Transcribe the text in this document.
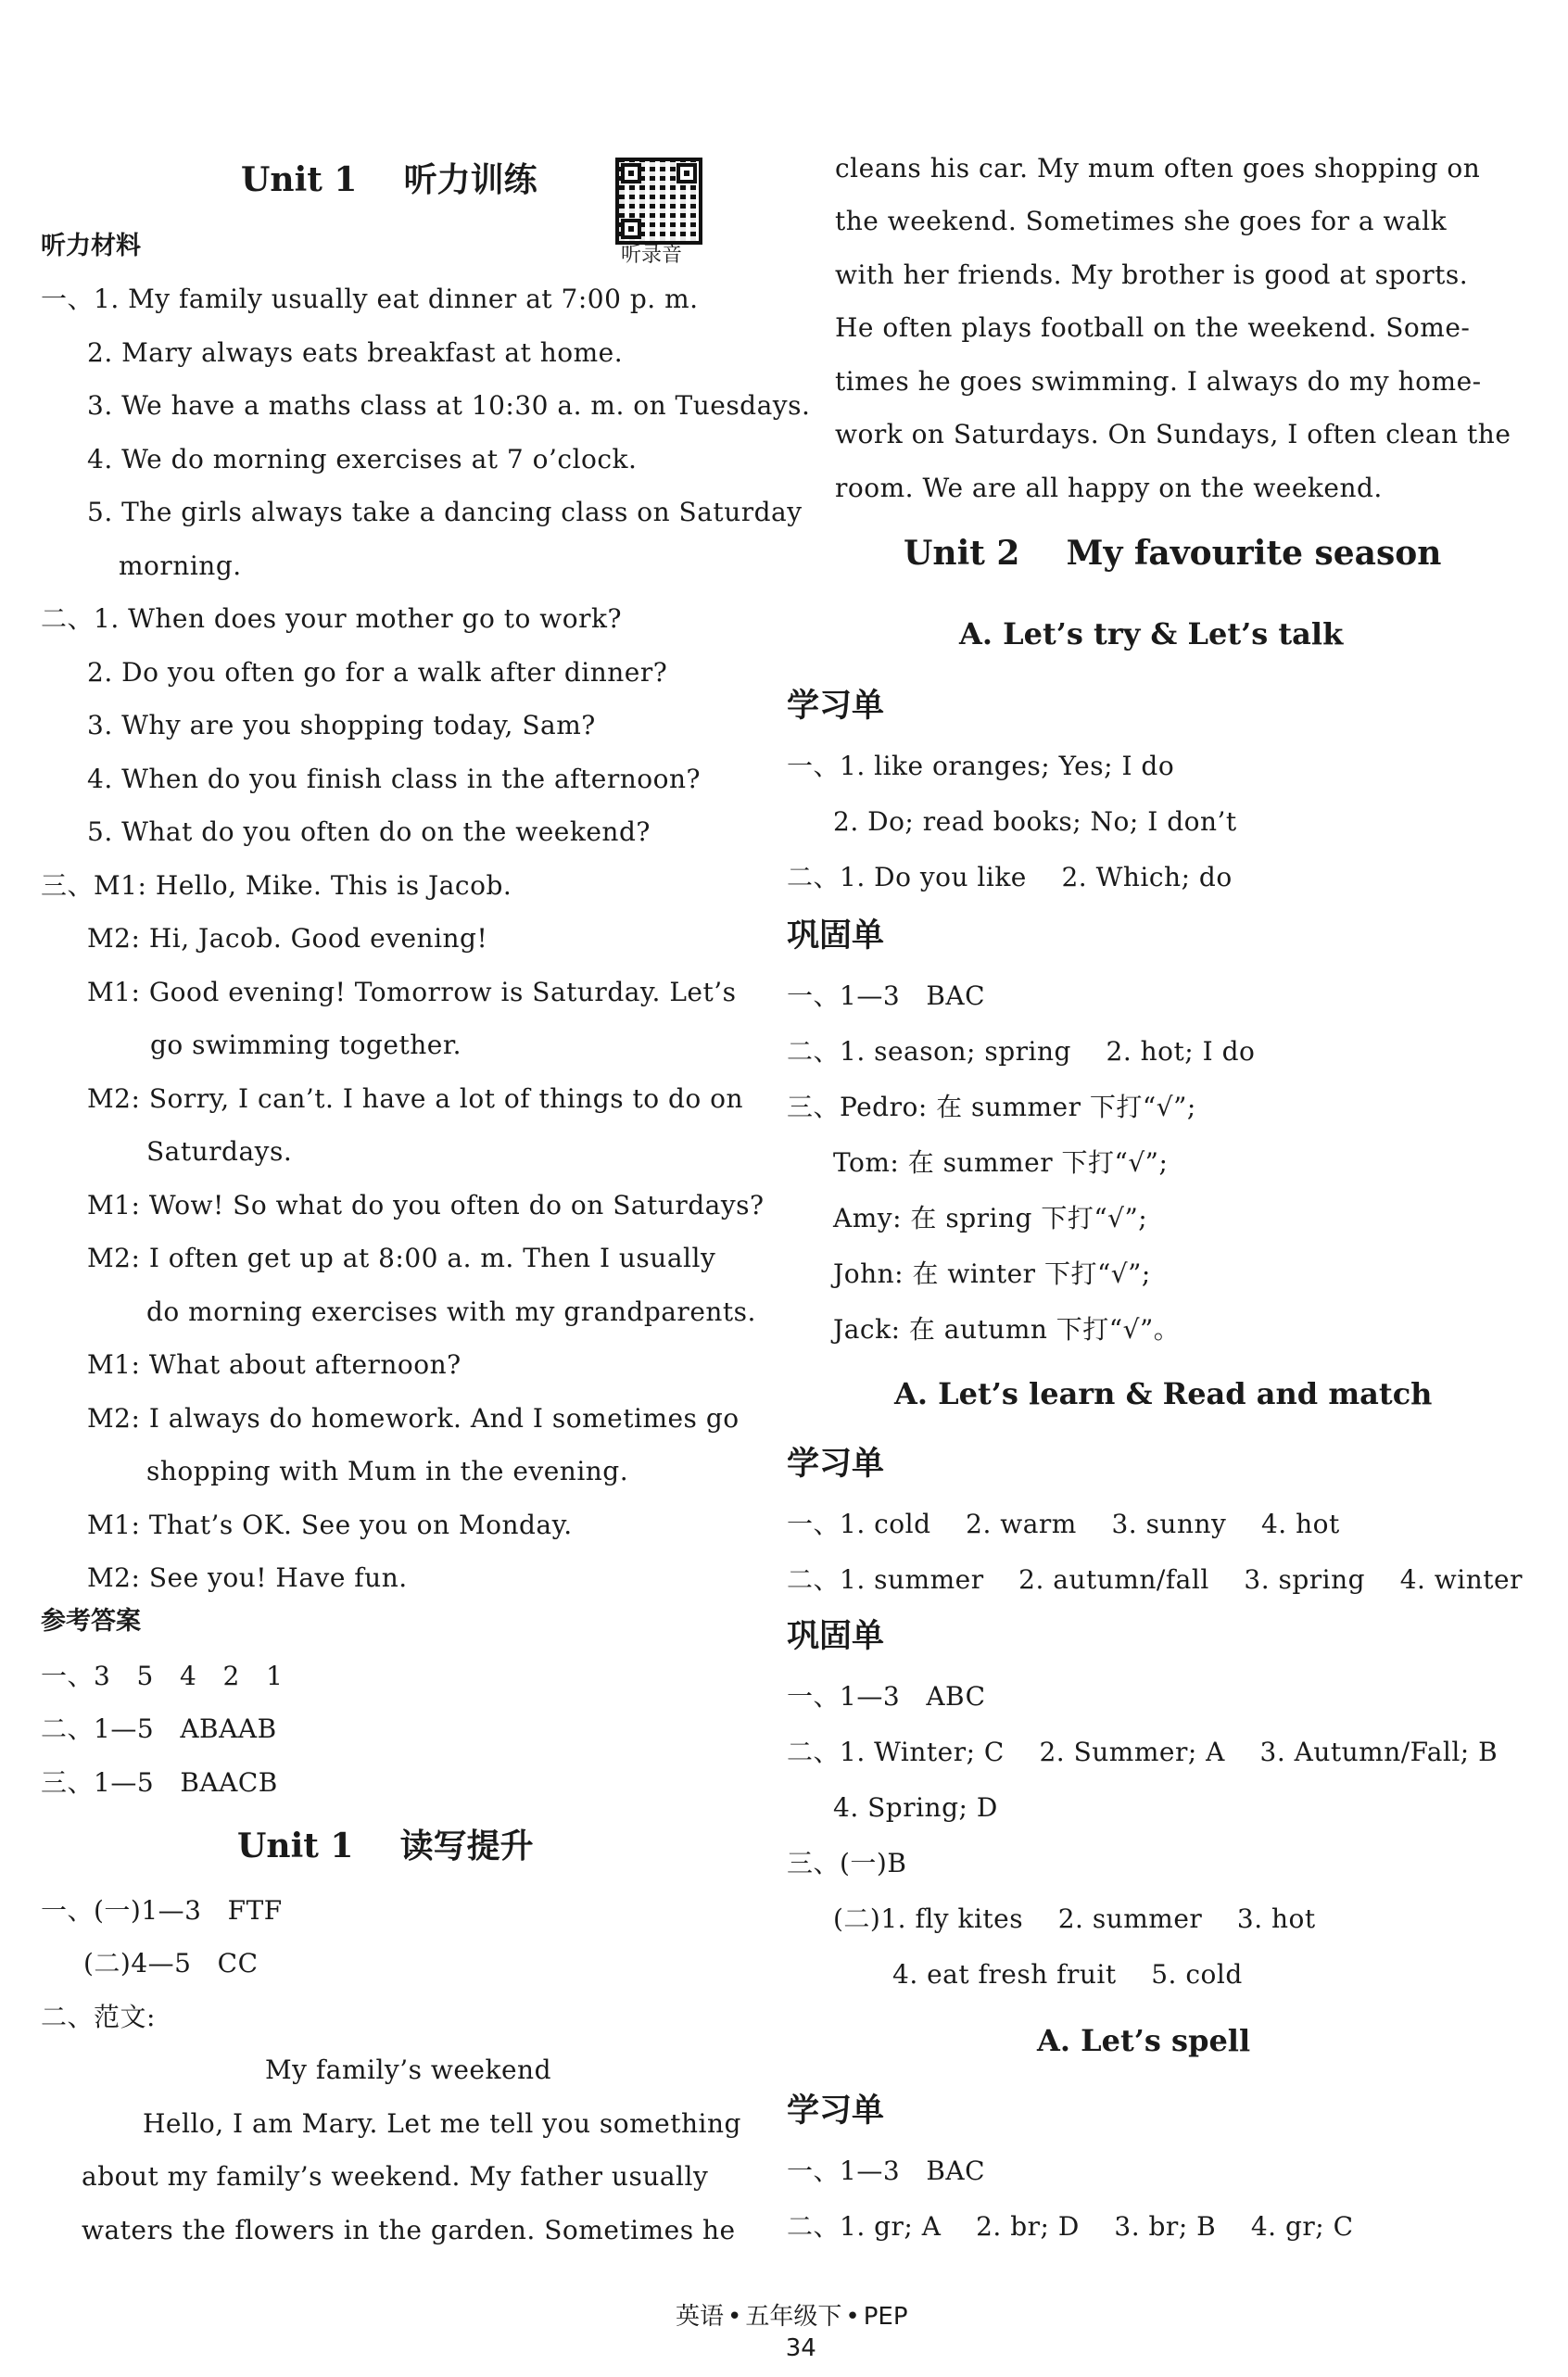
Unit 1    听力训练
听录音
听力材料
一、1. My family usually eat dinner at 7:00 p. m.
2. Mary always eats breakfast at home.
3. We have a maths class at 10:30 a. m. on Tuesdays.
4. We do morning exercises at 7 o’clock.
5. The girls always take a dancing class on Saturday
morning.
二、1. When does your mother go to work?
2. Do you often go for a walk after dinner?
3. Why are you shopping today, Sam?
4. When do you finish class in the afternoon?
5. What do you often do on the weekend?
三、M1: Hello, Mike. This is Jacob.
M2: Hi, Jacob. Good evening!
M1: Good evening! Tomorrow is Saturday. Let’s
go swimming together.
M2: Sorry, I can’t. I have a lot of things to do on
Saturdays.
M1: Wow! So what do you often do on Saturdays?
M2: I often get up at 8:00 a. m. Then I usually
do morning exercises with my grandparents.
M1: What about afternoon?
M2: I always do homework. And I sometimes go
shopping with Mum in the evening.
M1: That’s OK. See you on Monday.
M2: See you! Have fun.
参考答案
一、3   5   4   2   1
二、1—5   ABAAB
三、1—5   BAACB
Unit 1    读写提升
一、(一)1—3   FTF
(二)4—5   CC
二、范文:
My family’s weekend
Hello, I am Mary. Let me tell you something
about my family’s weekend. My father usually
waters the flowers in the garden. Sometimes he
cleans his car. My mum often goes shopping on
the weekend. Sometimes she goes for a walk
with her friends. My brother is good at sports.
He often plays football on the weekend. Some-
times he goes swimming. I always do my home-
work on Saturdays. On Sundays, I often clean the
room. We are all happy on the weekend.
Unit 2    My favourite season
A. Let’s try & Let’s talk
学习单
一、1. like oranges; Yes; I do
2. Do; read books; No; I don’t
二、1. Do you like    2. Which; do
巩固单
一、1—3   BAC
二、1. season; spring    2. hot; I do
三、Pedro: 在 summer 下打“√”;
Tom: 在 summer 下打“√”;
Amy: 在 spring 下打“√”;
John: 在 winter 下打“√”;
Jack: 在 autumn 下打“√”。
A. Let’s learn & Read and match
学习单
一、1. cold    2. warm    3. sunny    4. hot
二、1. summer    2. autumn/fall    3. spring    4. winter
巩固单
一、1—3   ABC
二、1. Winter; C    2. Summer; A    3. Autumn/Fall; B
4. Spring; D
三、(一)B
(二)1. fly kites    2. summer    3. hot
4. eat fresh fruit    5. cold
A. Let’s spell
学习单
一、1—3   BAC
二、1. gr; A    2. br; D    3. br; B    4. gr; C

英语 • 五年级下 • PEP
34
